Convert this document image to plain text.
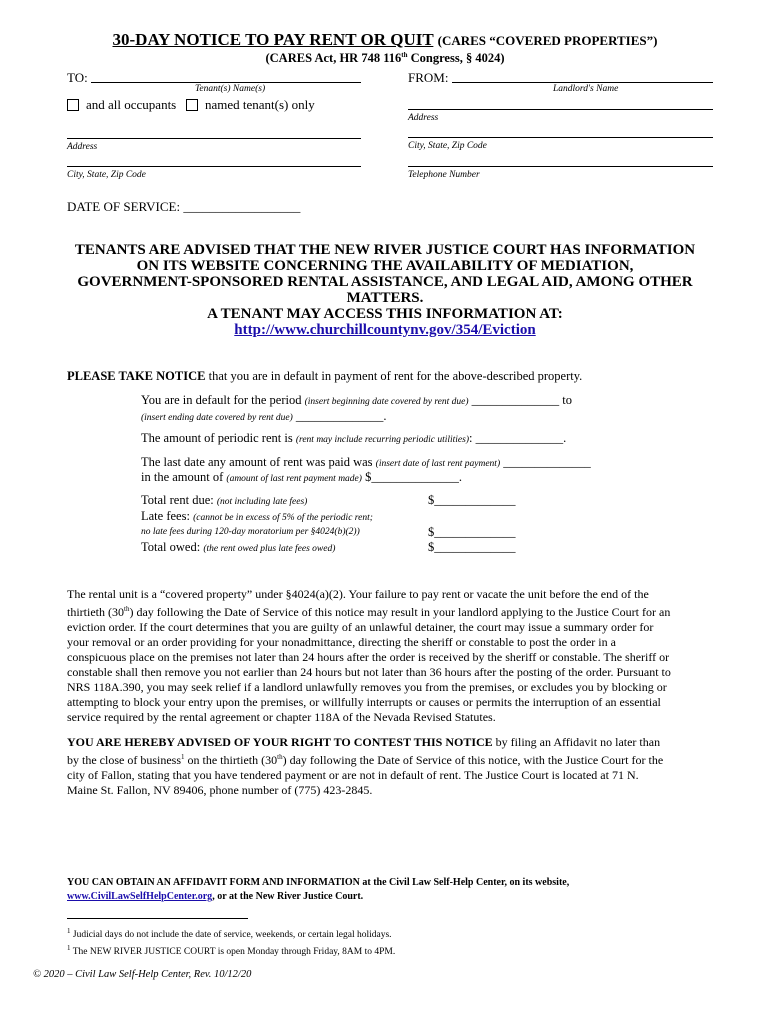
30-DAY NOTICE TO PAY RENT OR QUIT (CARES “COVERED PROPERTIES”)
(CARES Act, HR 748 116th Congress, § 4024)
TO:
Tenant(s) Name(s)
and all occupants named tenant(s) only
Address
City, State, Zip Code
FROM:
Landlord's Name
Address
City, State, Zip Code
Telephone Number
DATE OF SERVICE: __________________
TENANTS ARE ADVISED THAT THE NEW RIVER JUSTICE COURT HAS INFORMATION
ON ITS WEBSITE CONCERNING THE AVAILABILITY OF MEDIATION,
GOVERNMENT-SPONSORED RENTAL ASSISTANCE, AND LEGAL AID, AMONG OTHER
MATTERS.
A TENANT MAY ACCESS THIS INFORMATION AT:
http://www.churchillcountynv.gov/354/Eviction
PLEASE TAKE NOTICE that you are in default in payment of rent for the above-described property.
You are in default for the period (insert beginning date covered by rent due) ______________ to
(insert ending date covered by rent due) ______________.
The amount of periodic rent is (rent may include recurring periodic utilities): ______________.
The last date any amount of rent was paid was (insert date of last rent payment) ______________
in the amount of (amount of last rent payment made) $______________.
Total rent due: (not including late fees)	$_____________
Late fees: (cannot be in excess of 5% of the periodic rent;
no late fees during 120-day moratorium per §4024(b)(2))	$_____________
Total owed: (the rent owed plus late fees owed)	$_____________
The rental unit is a “covered property” under §4024(a)(2). Your failure to pay rent or vacate the unit before the end of the
thirtieth (30th) day following the Date of Service of this notice may result in your landlord applying to the Justice Court for an
eviction order. If the court determines that you are guilty of an unlawful detainer, the court may issue a summary order for
your removal or an order providing for your nonadmittance, directing the sheriff or constable to post the order in a
conspicuous place on the premises not later than 24 hours after the order is received by the sheriff or constable. The sheriff or
constable shall then remove you not earlier than 24 hours but not later than 36 hours after the posting of the order. Pursuant to
NRS 118A.390, you may seek relief if a landlord unlawfully removes you from the premises, or excludes you by blocking or
attempting to block your entry upon the premises, or willfully interrupts or causes or permits the interruption of an essential
service required by the rental agreement or chapter 118A of the Nevada Revised Statutes.
YOU ARE HEREBY ADVISED OF YOUR RIGHT TO CONTEST THIS NOTICE by filing an Affidavit no later than
by the close of business$^1$ on the thirtieth (30th) day following the Date of Service of this notice, with the Justice Court for the
city of Fallon, stating that you have tendered payment or are not in default of rent. The Justice Court is located at 71 N.
Maine St. Fallon, NV 89406, phone number of (775) 423-2845.
YOU CAN OBTAIN AN AFFIDAVIT FORM AND INFORMATION at the Civil Law Self-Help Center, on its website,
www.CivilLawSelfHelpCenter.org, or at the New River Justice Court.
$^1$ Judicial days do not include the date of service, weekends, or certain legal holidays.
$^1$ The NEW RIVER JUSTICE COURT is open Monday through Friday, 8AM to 4PM.
© 2020 – Civil Law Self-Help Center, Rev. 10/12/20
